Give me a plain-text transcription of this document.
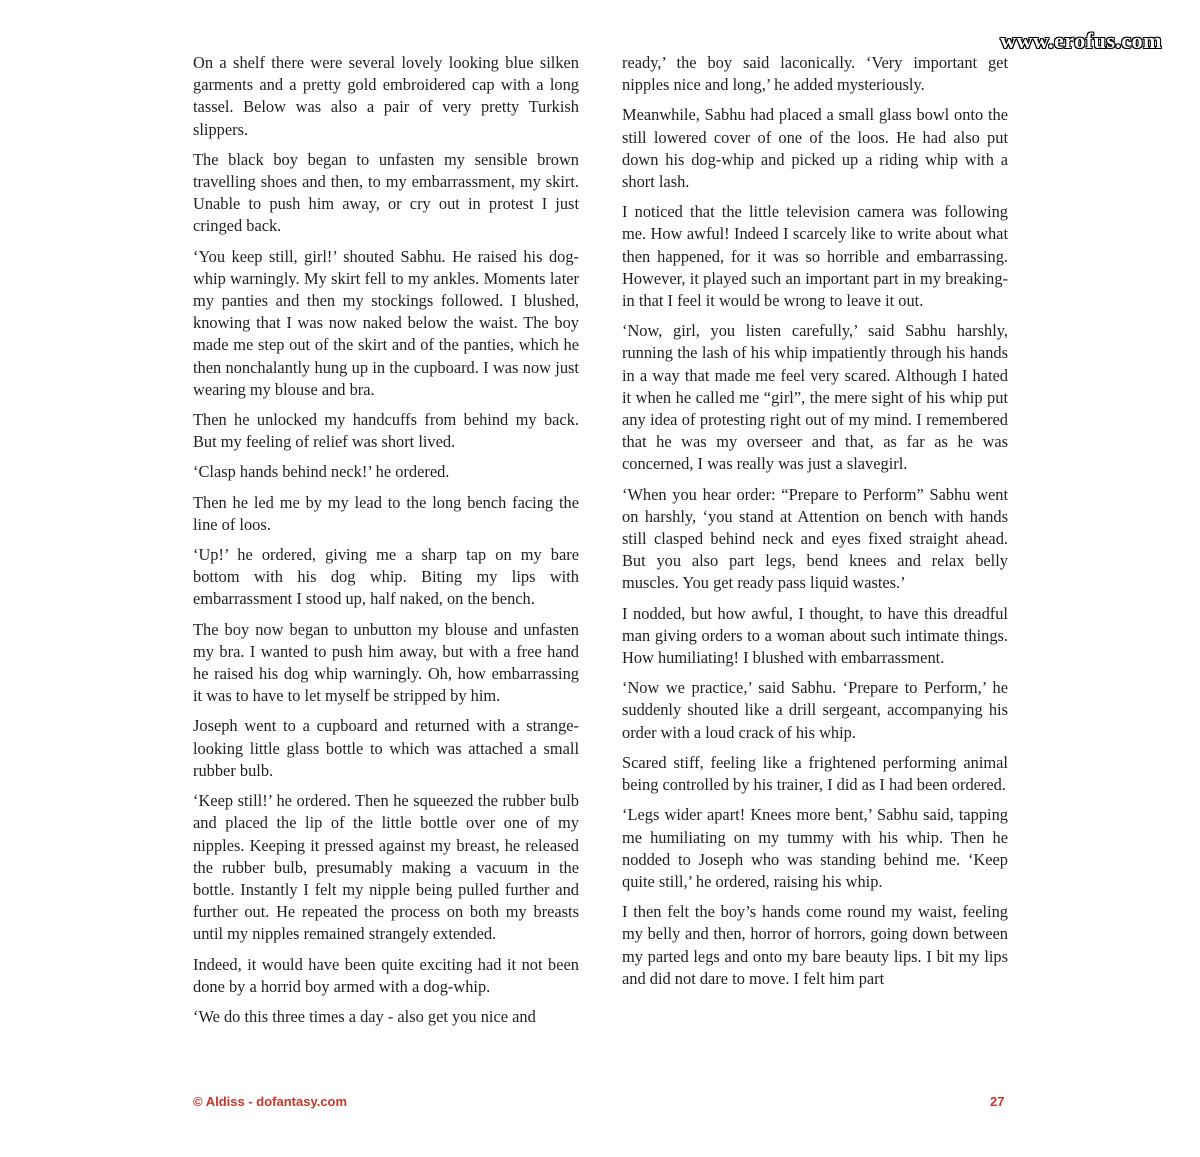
www.erofus.com

On a shelf there were several lovely looking blue silken garments and a pretty gold embroidered cap with a long tassel. Below was also a pair of very pretty Turkish slippers.

The black boy began to unfasten my sensible brown travelling shoes and then, to my embarrassment, my skirt. Unable to push him away, or cry out in protest I just cringed back.

‘You keep still, girl!’ shouted Sabhu. He raised his dog-whip warningly. My skirt fell to my ankles. Moments later my panties and then my stockings followed. I blushed, knowing that I was now naked below the waist. The boy made me step out of the skirt and of the panties, which he then nonchalantly hung up in the cupboard. I was now just wearing my blouse and bra.

Then he unlocked my handcuffs from behind my back. But my feeling of relief was short lived.

‘Clasp hands behind neck!’ he ordered.

Then he led me by my lead to the long bench facing the line of loos.

‘Up!’ he ordered, giving me a sharp tap on my bare bottom with his dog whip. Biting my lips with embarrassment I stood up, half naked, on the bench.

The boy now began to unbutton my blouse and unfasten my bra. I wanted to push him away, but with a free hand he raised his dog whip warningly. Oh, how embarrassing it was to have to let myself be stripped by him.

Joseph went to a cupboard and returned with a strange-looking little glass bottle to which was attached a small rubber bulb.

‘Keep still!’ he ordered. Then he squeezed the rubber bulb and placed the lip of the little bottle over one of my nipples. Keeping it pressed against my breast, he released the rubber bulb, presumably making a vacuum in the bottle. Instantly I felt my nipple being pulled further and further out. He repeated the process on both my breasts until my nipples remained strangely extended.

Indeed, it would have been quite exciting had it not been done by a horrid boy armed with a dog-whip.

‘We do this three times a day - also get you nice and

ready,’ the boy said laconically. ‘Very important get nipples nice and long,’ he added mysteriously.

Meanwhile, Sabhu had placed a small glass bowl onto the still lowered cover of one of the loos. He had also put down his dog-whip and picked up a riding whip with a short lash.

I noticed that the little television camera was following me. How awful! Indeed I scarcely like to write about what then happened, for it was so horrible and embarrassing. However, it played such an important part in my breaking-in that I feel it would be wrong to leave it out.

‘Now, girl, you listen carefully,’ said Sabhu harshly, running the lash of his whip impatiently through his hands in a way that made me feel very scared. Although I hated it when he called me “girl”, the mere sight of his whip put any idea of protesting right out of my mind. I remembered that he was my overseer and that, as far as he was concerned, I was really was just a slavegirl.

‘When you hear order: “Prepare to Perform” Sabhu went on harshly, ‘you stand at Attention on bench with hands still clasped behind neck and eyes fixed straight ahead. But you also part legs, bend knees and relax belly muscles. You get ready pass liquid wastes.’

I nodded, but how awful, I thought, to have this dreadful man giving orders to a woman about such intimate things. How humiliating! I blushed with embarrassment.

‘Now we practice,’ said Sabhu. ‘Prepare to Perform,’ he suddenly shouted like a drill sergeant, accompanying his order with a loud crack of his whip.

Scared stiff, feeling like a frightened performing animal being controlled by his trainer, I did as I had been ordered.

‘Legs wider apart! Knees more bent,’ Sabhu said, tapping me humiliating on my tummy with his whip. Then he nodded to Joseph who was standing behind me. ‘Keep quite still,’ he ordered, raising his whip.

I then felt the boy’s hands come round my waist, feeling my belly and then, horror of horrors, going down between my parted legs and onto my bare beauty lips. I bit my lips and did not dare to move. I felt him part

© Aldiss - dofantasy.com	27
